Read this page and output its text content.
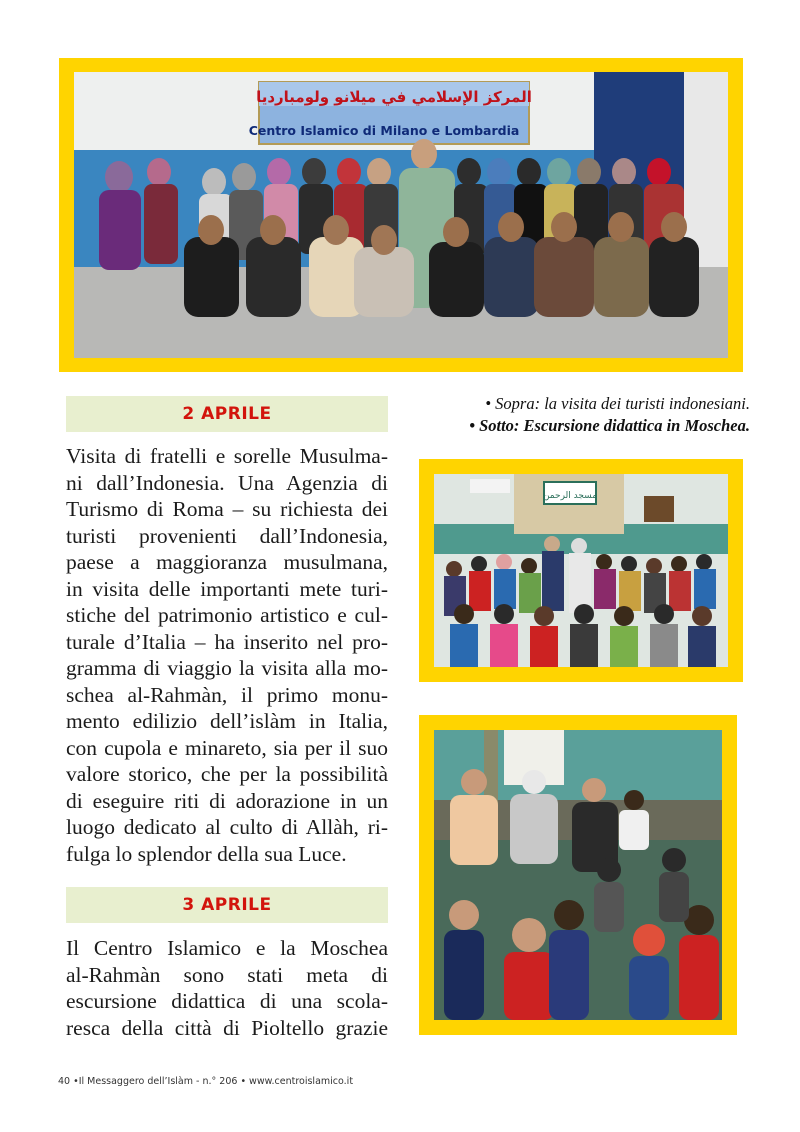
المركز الإسلامي في ميلانو ولومبارديا
Centro Islamico di Milano e Lombardia
2 APRILE
Visita di fratelli e sorelle Musulma-
ni dall’Indonesia. Una Agenzia di
Turismo di Roma – su richiesta dei
turisti provenienti dall’Indonesia,
paese a maggioranza musulmana,
in visita delle importanti mete turi-
stiche del patrimonio artistico e cul-
turale d’Italia – ha inserito nel pro-
gramma di viaggio la visita alla mo-
schea al-Rahmàn, il primo monu-
mento edilizio dell’islàm in Italia,
con cupola e minareto, sia per il suo
valore storico, che per la possibilità
di eseguire riti di adorazione in un
luogo dedicato al culto di Allàh, ri-
fulga lo splendor della sua Luce.
3 APRILE
Il Centro Islamico e la Moschea
al-Rahmàn sono stati meta di
escursione didattica di una scola-
resca della città di Pioltello grazie
• Sopra: la visita dei turisti indonesiani.
• Sotto: Escursione didattica in Moschea.
مسجد الرحمن
40 •Il Messaggero dell’Islàm - n.° 206 • www.centroislamico.it
